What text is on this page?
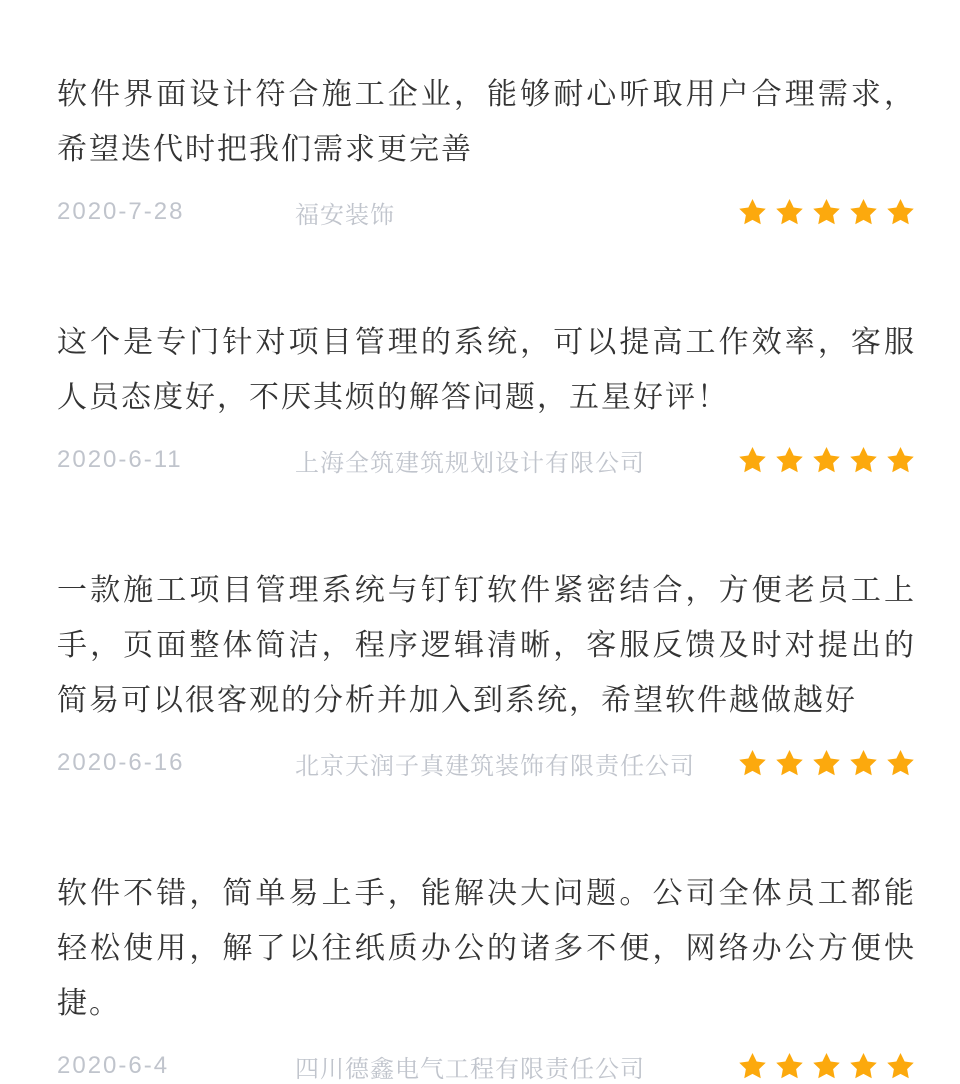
软件界面设计符合施工企业，能够耐心听取用户合理需求，希望迭代时把我们需求更完善

2020-7-28	福安装饰

这个是专门针对项目管理的系统，可以提高工作效率，客服人员态度好，不厌其烦的解答问题，五星好评！

2020-6-11	上海全筑建筑规划设计有限公司

一款施工项目管理系统与钉钉软件紧密结合，方便老员工上手，页面整体简洁，程序逻辑清晰，客服反馈及时对提出的简易可以很客观的分析并加入到系统，希望软件越做越好

2020-6-16	北京天润子真建筑装饰有限责任公司

软件不错，简单易上手，能解决大问题。公司全体员工都能轻松使用，解了以往纸质办公的诸多不便，网络办公方便快捷。

2020-6-4	四川德鑫电气工程有限责任公司
